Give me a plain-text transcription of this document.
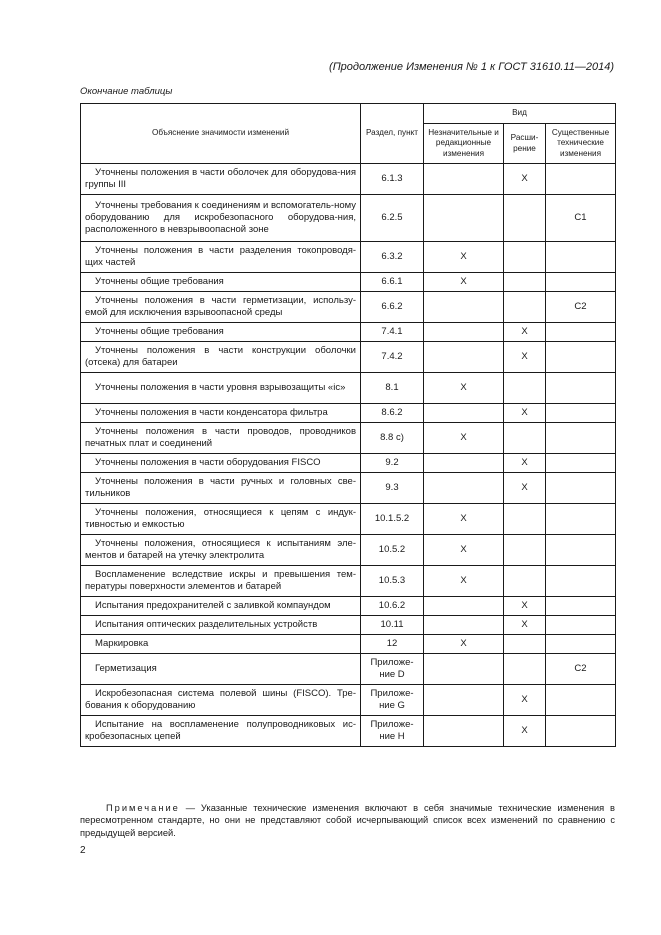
(Продолжение Изменения № 1 к ГОСТ 31610.11—2014)
Окончание таблицы
Объяснение значимости изменений	Раздел, пункт	Вид		
		Незначительные и редакционные изменения	Расши-рение	Существенные технические изменения
Уточнены положения в части оболочек для оборудова-ния группы III	6.1.3		X	
Уточнены требования к соединениям и вспомогатель-ному оборудованию для искробезопасного оборудова-ния, расположенного в невзрывоопасной зоне	6.2.5			C1
Уточнены положения в части разделения токопроводя-щих частей	6.3.2	X		
Уточнены общие требования	6.6.1	X		
Уточнены положения в части герметизации, использу-емой для исключения взрывоопасной среды	6.6.2			C2
Уточнены общие требования	7.4.1		X	
Уточнены положения в части конструкции оболочки (отсека) для батареи	7.4.2		X	
Уточнены положения в части уровня взрывозащиты «ic»	8.1	X		
Уточнены положения в части конденсатора фильтра	8.6.2		X	
Уточнены положения в части проводов, проводников печатных плат и соединений	8.8 c)	X		
Уточнены положения в части оборудования FISCO	9.2		X	
Уточнены положения в части ручных и головных све-тильников	9.3		X	
Уточнены положения, относящиеся к цепям с индук-тивностью и емкостью	10.1.5.2	X		
Уточнены положения, относящиеся к испытаниям эле-ментов и батарей на утечку электролита	10.5.2	X		
Воспламенение вследствие искры и превышения тем-пературы поверхности элементов и батарей	10.5.3	X		
Испытания предохранителей с заливкой компаундом	10.6.2		X	
Испытания оптических разделительных устройств	10.11		X	
Маркировка	12	X		
Герметизация	Приложе-ние D			C2
Искробезопасная система полевой шины (FISCO). Тре-бования к оборудованию	Приложе-ние G		X	
Испытание на воспламенение полупроводниковых ис-кробезопасных цепей	Приложе-ние H		X	
Примечание — Указанные технические изменения включают в себя значимые технические изменения в пересмотренном стандарте, но они не представляют собой исчерпывающий список всех изменений по сравнению с предыдущей версией.
2
